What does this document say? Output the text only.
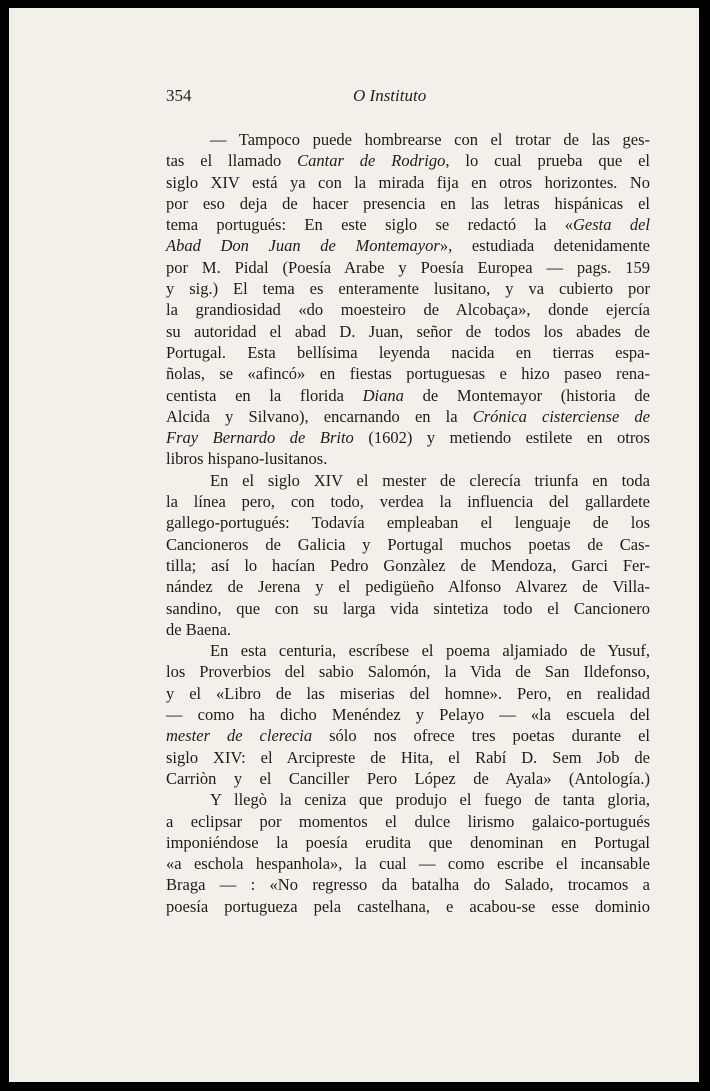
354	O Instituto
— Tampoco puede hombrearse con el trotar de las ges-
tas el llamado Cantar de Rodrigo, lo cual prueba que el
siglo XIV está ya con la mirada fija en otros horizontes. No
por eso deja de hacer presencia en las letras hispánicas el
tema portugués: En este siglo se redactó la «Gesta del
Abad Don Juan de Montemayor», estudiada detenidamente
por M. Pidal (Poesía Arabe y Poesía Europea — pags. 159
y sig.) El tema es enteramente lusitano, y va cubierto por
la grandiosidad «do moesteiro de Alcobaça», donde ejercía
su autoridad el abad D. Juan, señor de todos los abades de
Portugal. Esta bellísima leyenda nacida en tierras espa-
ñolas, se «afincó» en fiestas portuguesas e hizo paseo rena-
centista en la florida Diana de Montemayor (historia de
Alcida y Silvano), encarnando en la Crónica cisterciense de
Fray Bernardo de Brito (1602) y metiendo estilete en otros
libros hispano-lusitanos.
En el siglo XIV el mester de clerecía triunfa en toda
la línea pero, con todo, verdea la influencia del gallardete
gallego-portugués: Todavía empleaban el lenguaje de los
Cancioneros de Galicia y Portugal muchos poetas de Cas-
tilla; así lo hacían Pedro Gonzàlez de Mendoza, Garci Fer-
nández de Jerena y el pedigüeño Alfonso Alvarez de Villa-
sandino, que con su larga vida sintetiza todo el Cancionero
de Baena.
En esta centuria, escríbese el poema aljamiado de Yusuf,
los Proverbios del sabio Salomón, la Vida de San Ildefonso,
y el «Libro de las miserias del homne». Pero, en realidad
— como ha dicho Menéndez y Pelayo — «la escuela del
mester de clerecia sólo nos ofrece tres poetas durante el
siglo XIV: el Arcipreste de Hita, el Rabí D. Sem Job de
Carriòn y el Canciller Pero López de Ayala» (Antología.)
Y llegò la ceniza que produjo el fuego de tanta gloria,
a eclipsar por momentos el dulce lirismo galaico-portugués
imponiéndose la poesía erudita que denominan en Portugal
«a eschola hespanhola», la cual — como escribe el incansable
Braga — : «No regresso da batalha do Salado, trocamos a
poesía portugueza pela castelhana, e acabou-se esse dominio
